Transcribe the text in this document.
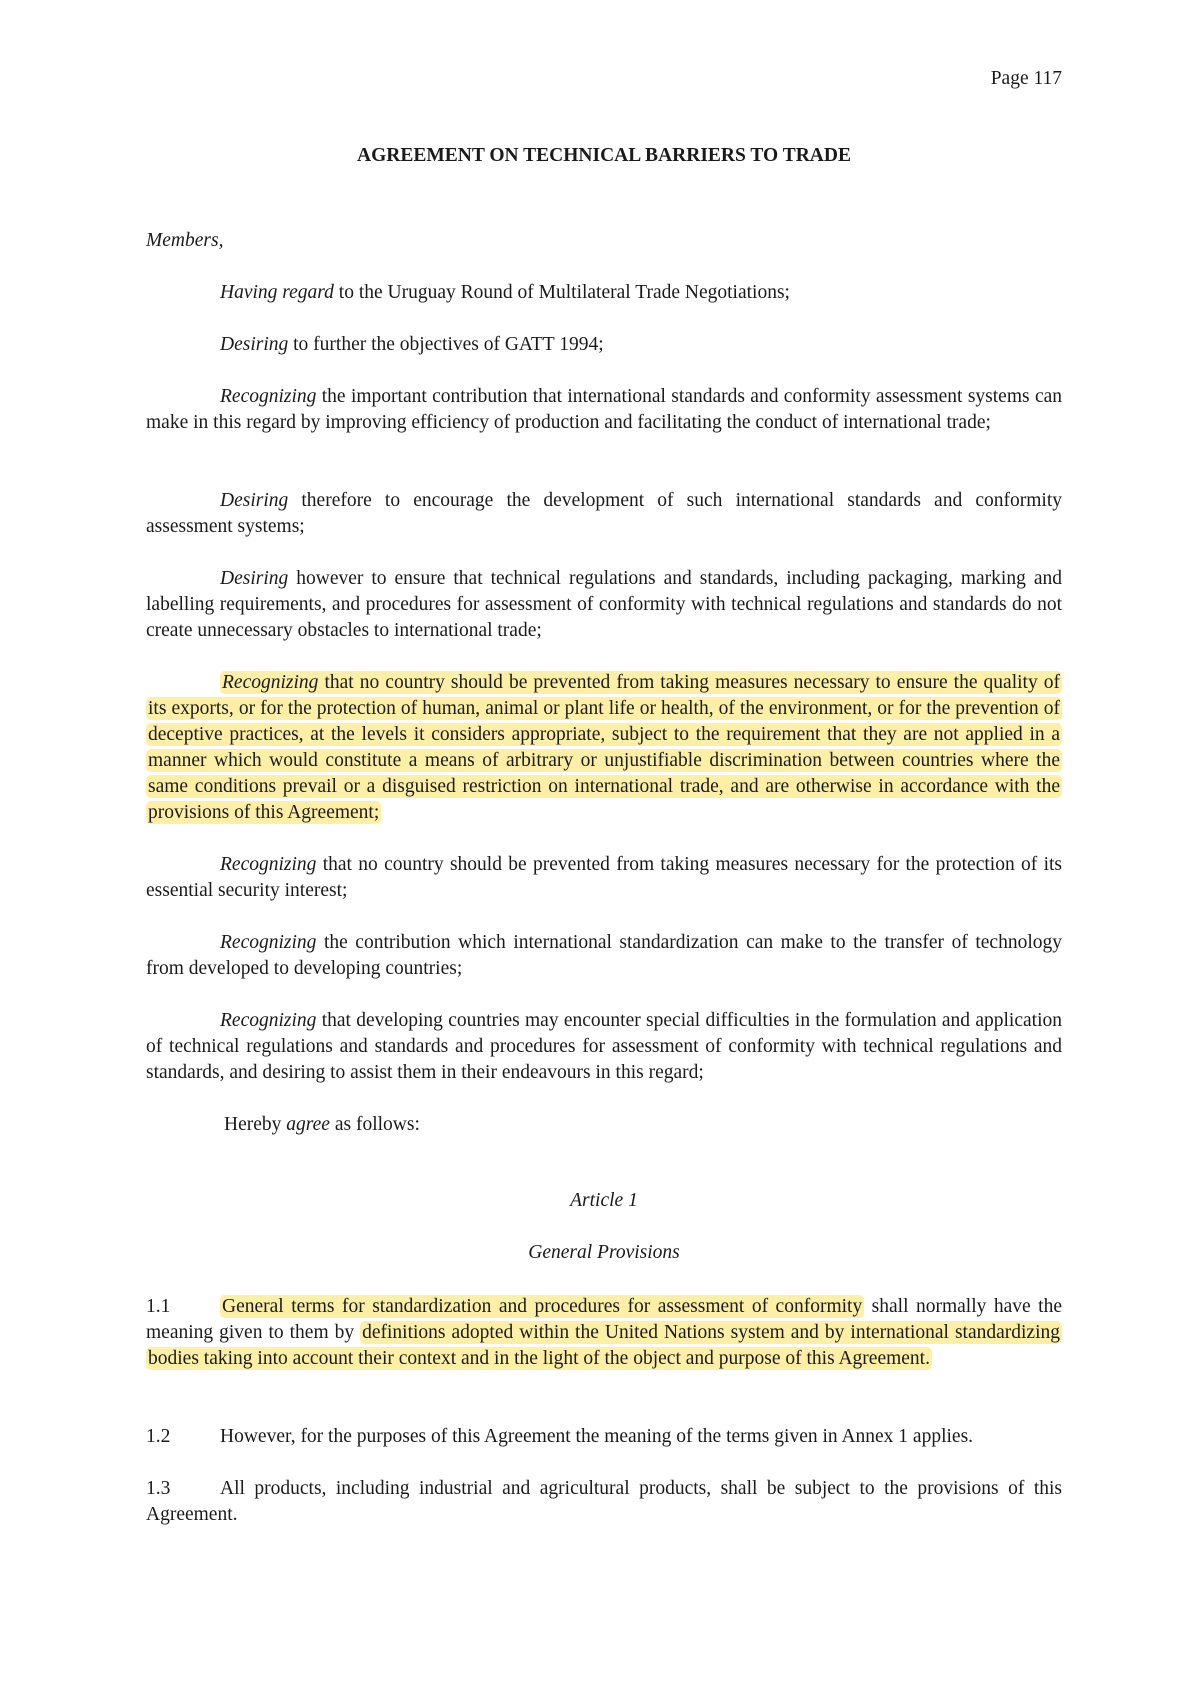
Page 117
AGREEMENT ON TECHNICAL BARRIERS TO TRADE
Members,
Having regard to the Uruguay Round of Multilateral Trade Negotiations;
Desiring to further the objectives of GATT 1994;
Recognizing the important contribution that international standards and conformity assessment systems can make in this regard by improving efficiency of production and facilitating the conduct of international trade;
Desiring therefore to encourage the development of such international standards and conformity assessment systems;
Desiring however to ensure that technical regulations and standards, including packaging, marking and labelling requirements, and procedures for assessment of conformity with technical regulations and standards do not create unnecessary obstacles to international trade;
Recognizing that no country should be prevented from taking measures necessary to ensure the quality of its exports, or for the protection of human, animal or plant life or health, of the environment, or for the prevention of deceptive practices, at the levels it considers appropriate, subject to the requirement that they are not applied in a manner which would constitute a means of arbitrary or unjustifiable discrimination between countries where the same conditions prevail or a disguised restriction on international trade, and are otherwise in accordance with the provisions of this Agreement;
Recognizing that no country should be prevented from taking measures necessary for the protection of its essential security interest;
Recognizing the contribution which international standardization can make to the transfer of technology from developed to developing countries;
Recognizing that developing countries may encounter special difficulties in the formulation and application of technical regulations and standards and procedures for assessment of conformity with technical regulations and standards, and desiring to assist them in their endeavours in this regard;
Hereby agree as follows:
Article 1
General Provisions
1.1	General terms for standardization and procedures for assessment of conformity shall normally have the meaning given to them by definitions adopted within the United Nations system and by international standardizing bodies taking into account their context and in the light of the object and purpose of this Agreement.
1.2	However, for the purposes of this Agreement the meaning of the terms given in Annex 1 applies.
1.3	All products, including industrial and agricultural products, shall be subject to the provisions of this Agreement.
